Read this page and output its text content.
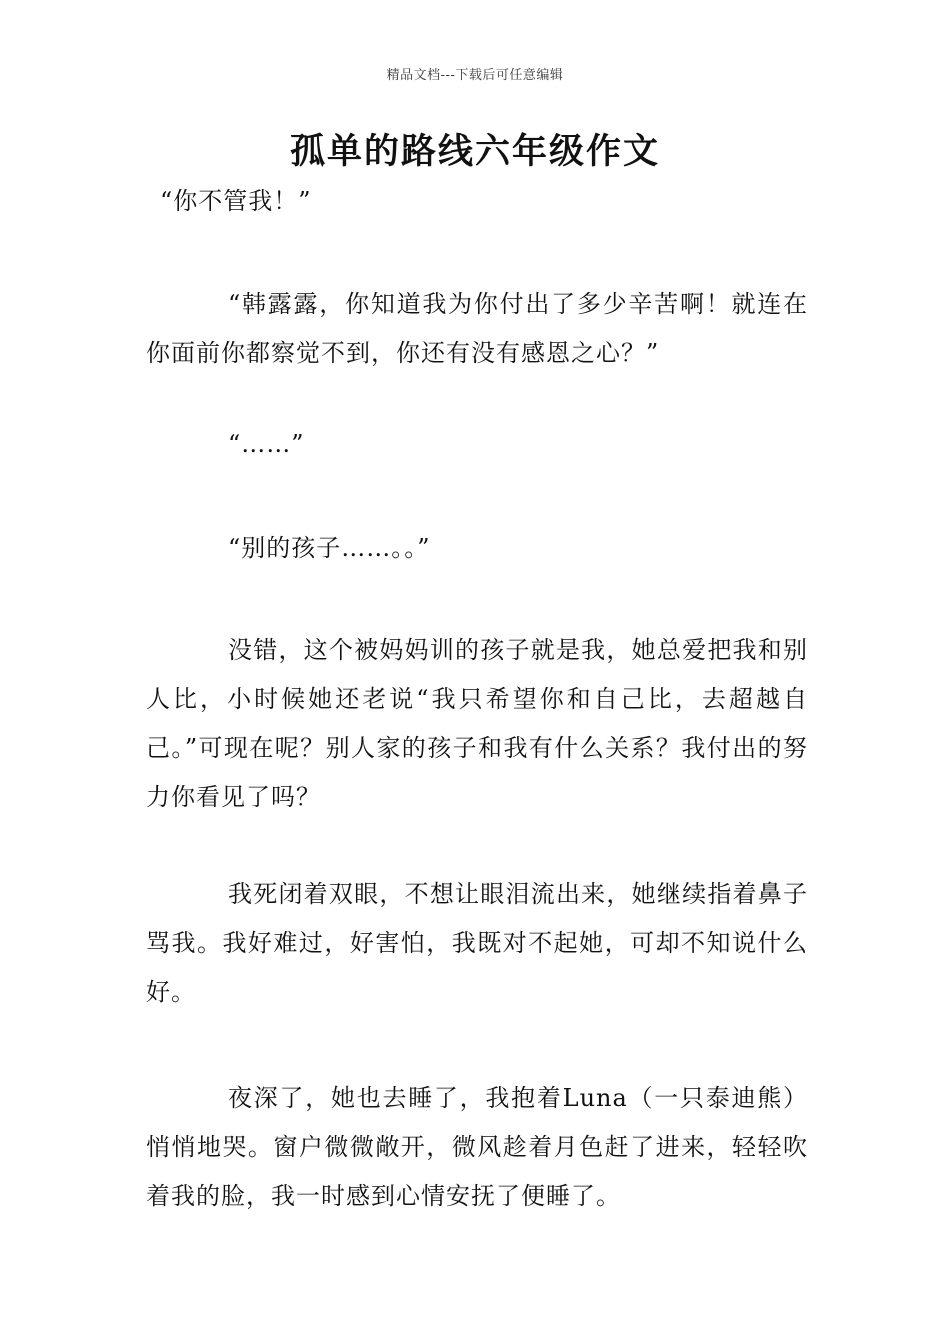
精品文档---下载后可任意编辑
孤单的路线六年级作文

“你不管我！”

“韩露露，你知道我为你付出了多少辛苦啊！就连在你面前你都察觉不到，你还有没有感恩之心？”

“……”

“别的孩子……。。”

没错，这个被妈妈训的孩子就是我，她总爱把我和别人比，小时候她还老说“我只希望你和自己比，去超越自己。”可现在呢？别人家的孩子和我有什么关系？我付出的努力你看见了吗？

我死闭着双眼，不想让眼泪流出来，她继续指着鼻子骂我。我好难过，好害怕，我既对不起她，可却不知说什么好。

夜深了，她也去睡了，我抱着Luna（一只泰迪熊）悄悄地哭。窗户微微敞开，微风趁着月色赶了进来，轻轻吹着我的脸，我一时感到心情安抚了便睡了。
